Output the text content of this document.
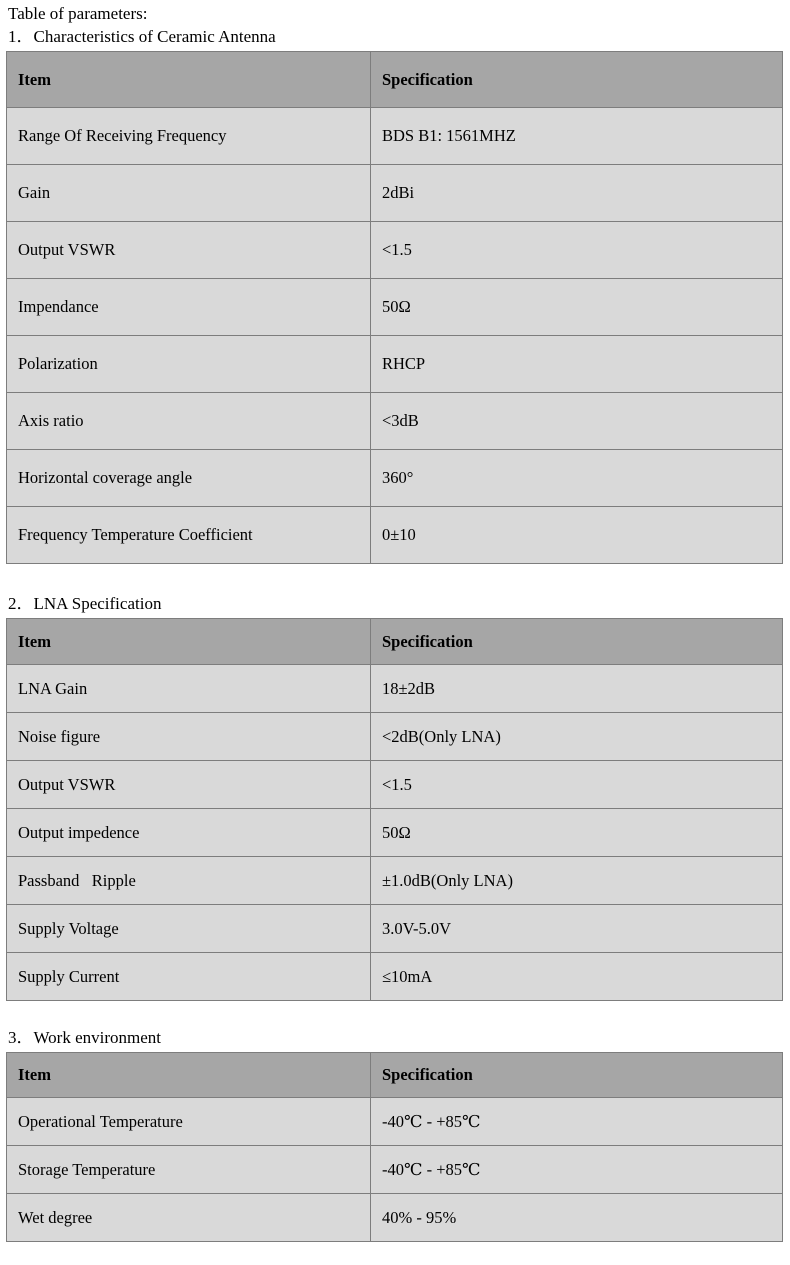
Table of parameters:
1．Characteristics of Ceramic Antenna
Item	Specification
Range Of Receiving Frequency	BDS B1: 1561MHZ
Gain	2dBi
Output VSWR	<1.5
Impendance	50Ω
Polarization	RHCP
Axis ratio	<3dB
Horizontal coverage angle	360°
Frequency Temperature Coefficient	0±10
2．LNA Specification
Item	Specification
LNA Gain	18±2dB
Noise figure	<2dB(Only LNA)
Output VSWR	<1.5
Output impedence	50Ω
Passband   Ripple	±1.0dB(Only LNA)
Supply Voltage	3.0V-5.0V
Supply Current	≤10mA
3．Work environment
Item	Specification
Operational Temperature	-40℃ - +85℃
Storage Temperature	-40℃ - +85℃
Wet degree	40% - 95%
